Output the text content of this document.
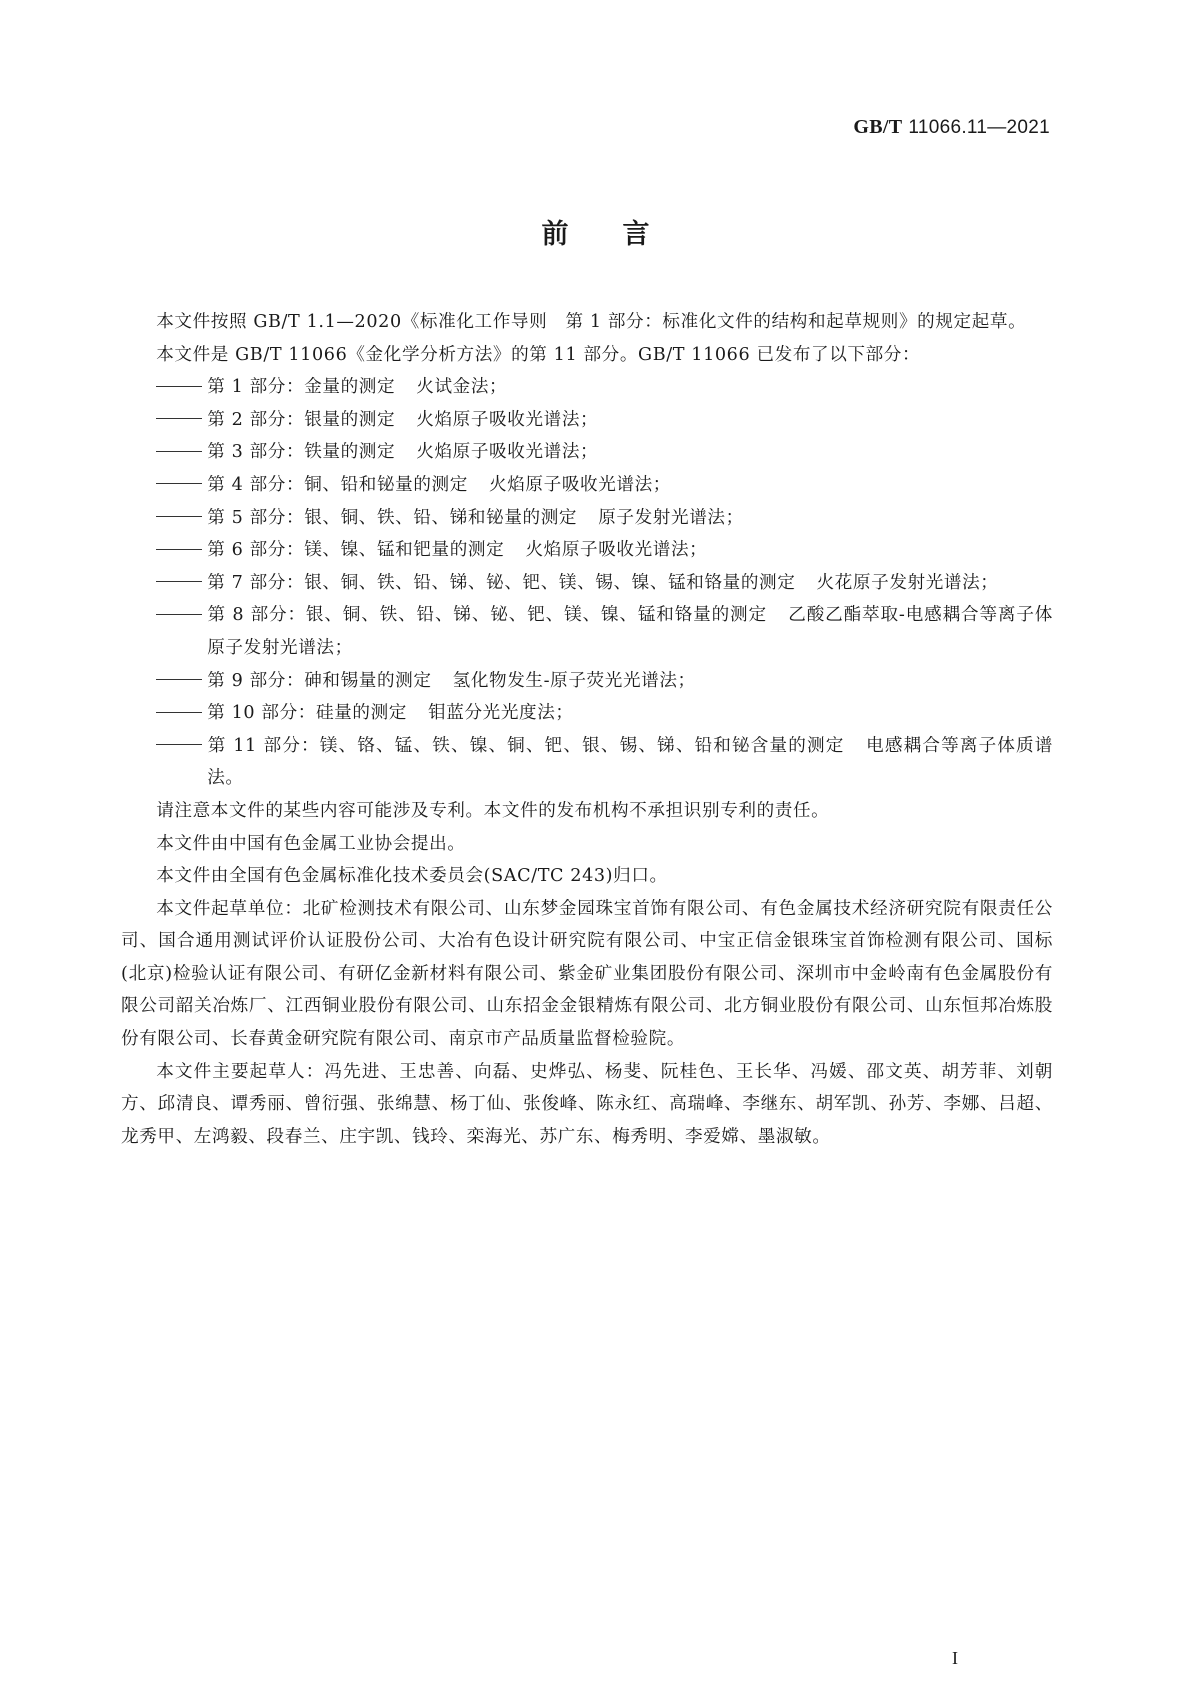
GB/T 11066.11—2021
前言

本文件按照 GB/T 1.1—2020《标准化工作导则　第 1 部分：标准化文件的结构和起草规则》的规定起草。

本文件是 GB/T 11066《金化学分析方法》的第 11 部分。GB/T 11066 已发布了以下部分：

第 1 部分：金量的测定 火试金法；

第 2 部分：银量的测定 火焰原子吸收光谱法；

第 3 部分：铁量的测定 火焰原子吸收光谱法；

第 4 部分：铜、铅和铋量的测定 火焰原子吸收光谱法；

第 5 部分：银、铜、铁、铅、锑和铋量的测定 原子发射光谱法；

第 6 部分：镁、镍、锰和钯量的测定 火焰原子吸收光谱法；

第 7 部分：银、铜、铁、铅、锑、铋、钯、镁、锡、镍、锰和铬量的测定 火花原子发射光谱法；

第 8 部分：银、铜、铁、铅、锑、铋、钯、镁、镍、锰和铬量的测定 乙酸乙酯萃取-电感耦合等离子体原子发射光谱法；

第 9 部分：砷和锡量的测定 氢化物发生-原子荧光光谱法；

第 10 部分：硅量的测定 钼蓝分光光度法；

第 11 部分：镁、铬、锰、铁、镍、铜、钯、银、锡、锑、铅和铋含量的测定 电感耦合等离子体质谱法。

请注意本文件的某些内容可能涉及专利。本文件的发布机构不承担识别专利的责任。

本文件由中国有色金属工业协会提出。

本文件由全国有色金属标准化技术委员会(SAC/TC 243)归口。

本文件起草单位：北矿检测技术有限公司、山东梦金园珠宝首饰有限公司、有色金属技术经济研究院有限责任公司、国合通用测试评价认证股份公司、大冶有色设计研究院有限公司、中宝正信金银珠宝首饰检测有限公司、国标(北京)检验认证有限公司、有研亿金新材料有限公司、紫金矿业集团股份有限公司、深圳市中金岭南有色金属股份有限公司韶关冶炼厂、江西铜业股份有限公司、山东招金金银精炼有限公司、北方铜业股份有限公司、山东恒邦冶炼股份有限公司、长春黄金研究院有限公司、南京市产品质量监督检验院。

本文件主要起草人：冯先进、王忠善、向磊、史烨弘、杨斐、阮桂色、王长华、冯媛、邵文英、胡芳菲、刘朝方、邱清良、谭秀丽、曾衍强、张绵慧、杨丁仙、张俊峰、陈永红、高瑞峰、李继东、胡军凯、孙芳、李娜、吕超、龙秀甲、左鸿毅、段春兰、庄宇凯、钱玲、栾海光、苏广东、梅秀明、李爱嫦、墨淑敏。

I
